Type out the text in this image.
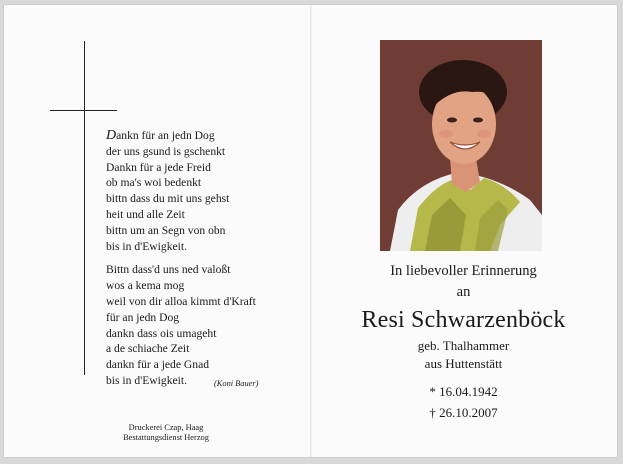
Dankn für an jedn Dog
der uns gsund is gschenkt
Dankn für a jede Freid
ob ma's woi bedenkt
bittn dass du mit uns gehst
heit und alle Zeit
bittn um an Segn von obn
bis in d'Ewigkeit.
Bittn dass'd uns ned valoßt
wos a kema mog
weil von dir alloa kimmt d'Kraft
für an jedn Dog
dankn dass ois umageht
a de schiache Zeit
dankn für a jede Gnad
bis in d'Ewigkeit.	(Koni Bauer)
Druckerei Czap, Haag
Bestattungsdienst Herzog
In liebevoller Erinnerung
an
Resi Schwarzenböck
geb. Thalhammer
aus Huttenstätt
* 16.04.1942
† 26.10.2007
